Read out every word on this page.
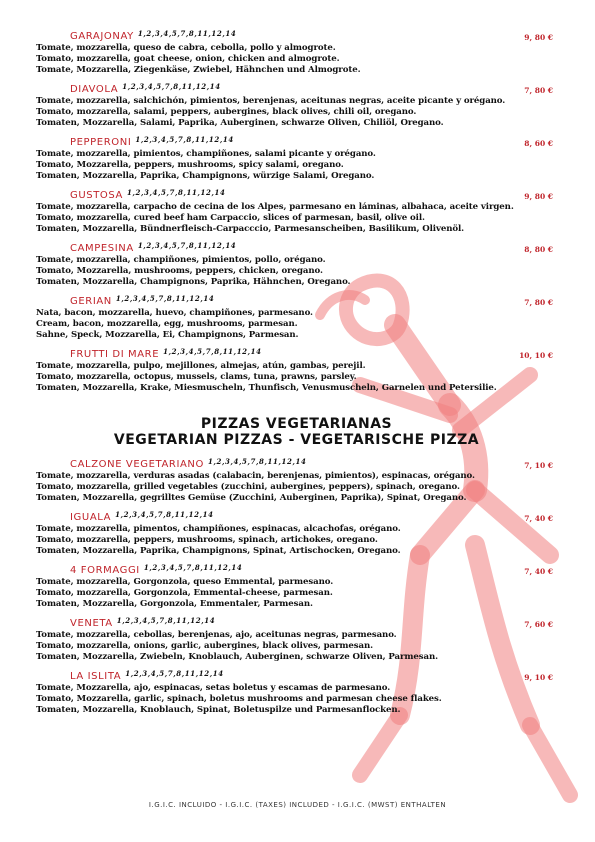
GARAJONAY $^{1,2,3,4,5,7,8,11,12,14}$	9, 80 €

Tomate, mozzarella, queso de cabra, cebolla, pollo y almogrote.

Tomato, mozzarella, goat cheese, onion, chicken and almogrote.

Tomate, Mozzarella, Ziegenkäse, Zwiebel, Hähnchen und Almogrote.

DIAVOLA $^{1,2,3,4,5,7,8,11,12,14}$	7, 80 €

Tomate, mozzarella, salchichón, pimientos, berenjenas, aceitunas negras, aceite picante y orégano.

Tomato, mozzarella, salami, peppers, aubergines, black olives, chili oil, oregano.

Tomaten, Mozzarella, Salami, Paprika, Auberginen, schwarze Oliven, Chiliöl, Oregano.

PEPPERONI $^{1,2,3,4,5,7,8,11,12,14}$	8, 60 €

Tomate, mozzarella, pimientos, champiñones, salami picante y orégano.

Tomato, Mozzarella, peppers, mushrooms, spicy salami, oregano.

Tomaten, Mozzarella, Paprika, Champignons, würzige Salami, Oregano.

GUSTOSA $^{1,2,3,4,5,7,8,11,12,14}$	9, 80 €

Tomate, mozzarella, carpacho de cecina de los Alpes, parmesano en láminas, albahaca, aceite virgen.

Tomato, mozzarella, cured beef ham Carpaccio, slices of parmesan, basil, olive oil.

Tomaten, Mozzarella, Bündnerfleisch-Carpacccio, Parmesanscheiben, Basilikum, Olivenöl.

CAMPESINA $^{1,2,3,4,5,7,8,11,12,14}$	8, 80 €

Tomate, mozzarella, champiñones, pimientos, pollo, orégano.

Tomato, Mozzarella, mushrooms, peppers, chicken, oregano.

Tomaten, Mozzarella, Champignons, Paprika, Hähnchen, Oregano.

GERIAN $^{1,2,3,4,5,7,8,11,12,14}$	7, 80 €

Nata, bacon, mozzarella, huevo, champiñones, parmesano.

Cream, bacon, mozzarella, egg, mushrooms, parmesan.

Sahne, Speck, Mozzarella, Ei, Champignons, Parmesan.

FRUTTI DI MARE $^{1,2,3,4,5,7,8,11,12,14}$	10, 10 €

Tomate, mozzarella, pulpo, mejillones, almejas, atún, gambas, perejil.

Tomato, mozzarella, octopus, mussels, clams, tuna, prawns, parsley.

Tomaten, Mozzarella, Krake, Miesmuscheln, Thunfisch, Venusmuscheln, Garnelen und Petersilie.

PIZZAS VEGETARIANAS
VEGETARIAN PIZZAS - VEGETARISCHE PIZZA
CALZONE VEGETARIANO $^{1,2,3,4,5,7,8,11,12,14}$	7, 10 €

Tomate, mozzarella, verduras asadas (calabacin, berenjenas, pimientos), espinacas, orégano.

Tomato, mozzarella, grilled vegetables (zucchini, aubergines, peppers), spinach, oregano.

Tomaten, Mozzarella, gegrilltes Gemüse (Zucchini, Auberginen, Paprika), Spinat, Oregano.

IGUALA $^{1,2,3,4,5,7,8,11,12,14}$	7, 40 €

Tomate, mozzarella, pimentos, champiñones, espinacas, alcachofas, orégano.

Tomato, mozzarella, peppers, mushrooms, spinach, artichokes, oregano.

Tomaten, Mozzarella, Paprika, Champignons, Spinat, Artischocken, Oregano.

4 FORMAGGI $^{1,2,3,4,5,7,8,11,12,14}$	7, 40 €

Tomate, mozzarella, Gorgonzola, queso Emmental, parmesano.

Tomato, mozzarella, Gorgonzola, Emmental-cheese, parmesan.

Tomaten, Mozzarella, Gorgonzola, Emmentaler, Parmesan.

VENETA $^{1,2,3,4,5,7,8,11,12,14}$	7, 60 €

Tomate, mozzarella, cebollas, berenjenas, ajo, aceitunas negras, parmesano.

Tomato, mozzarella, onions, garlic, aubergines, black olives, parmesan.

Tomaten, Mozzarella, Zwiebeln, Knoblauch, Auberginen, schwarze Oliven, Parmesan.

LA ISLITA $^{1,2,3,4,5,7,8,11,12,14}$	9, 10 €

Tomate, Mozzarella, ajo, espinacas, setas boletus y escamas de parmesano.

Tomato, Mozzarella, garlic, spinach, boletus mushrooms and parmesan cheese flakes.

Tomaten, Mozzarella, Knoblauch, Spinat, Boletuspilze und Parmesanflocken.

I.G.I.C. INCLUIDO - I.G.I.C. (TAXES) INCLUDED - I.G.I.C. (MWST) ENTHALTEN
